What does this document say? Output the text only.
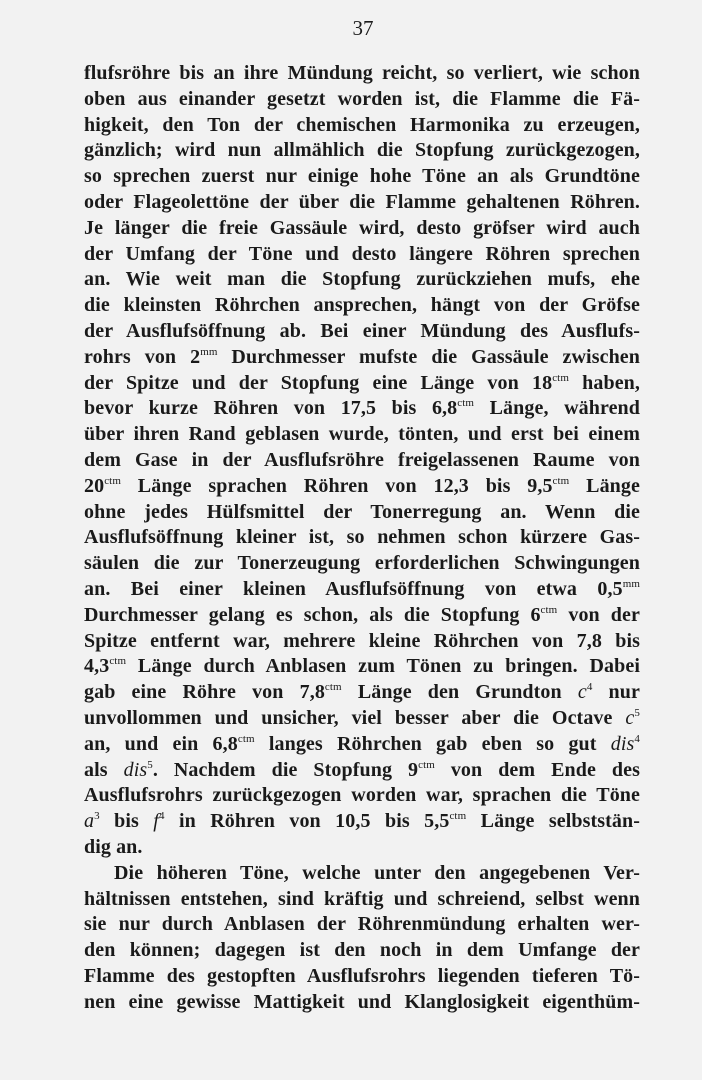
37
flufsröhre bis an ihre Mündung reicht, so verliert, wie schon
oben aus einander gesetzt worden ist, die Flamme die Fä-
higkeit, den Ton der chemischen Harmonika zu erzeugen,
gänzlich; wird nun allmählich die Stopfung zurückgezogen,
so sprechen zuerst nur einige hohe Töne an als Grundtöne
oder Flageolettöne der über die Flamme gehaltenen Röhren.
Je länger die freie Gassäule wird, desto gröfser wird auch
der Umfang der Töne und desto längere Röhren sprechen
an. Wie weit man die Stopfung zurückziehen mufs, ehe
die kleinsten Röhrchen ansprechen, hängt von der Gröfse
der Ausflufsöffnung ab. Bei einer Mündung des Ausflufs-
rohrs von $2^{mm}$ Durchmesser mufste die Gassäule zwischen
der Spitze und der Stopfung eine Länge von $18^{ctm}$ haben,
bevor kurze Röhren von 17,5 bis $6,8^{ctm}$ Länge, während
über ihren Rand geblasen wurde, tönten, und erst bei einem
dem Gase in der Ausflufsröhre freigelassenen Raume von
$20^{ctm}$ Länge sprachen Röhren von 12,3 bis $9,5^{ctm}$ Länge
ohne jedes Hülfsmittel der Tonerregung an. Wenn die
Ausflufsöffnung kleiner ist, so nehmen schon kürzere Gas-
säulen die zur Tonerzeugung erforderlichen Schwingungen
an. Bei einer kleinen Ausflufsöffnung von etwa $0,5^{mm}$
Durchmesser gelang es schon, als die Stopfung $6^{ctm}$ von der
Spitze entfernt war, mehrere kleine Röhrchen von 7,8 bis
$4,3^{ctm}$ Länge durch Anblasen zum Tönen zu bringen. Dabei
gab eine Röhre von $7,8^{ctm}$ Länge den Grundton $c^4$ nur
unvollommen und unsicher, viel besser aber die Octave $c^5$
an, und ein $6,8^{ctm}$ langes Röhrchen gab eben so gut dis$^4$
als dis$^5$. Nachdem die Stopfung $9^{ctm}$ von dem Ende des
Ausflufsrohrs zurückgezogen worden war, sprachen die Töne
$a^3$ bis $f^4$ in Röhren von 10,5 bis $5,5^{ctm}$ Länge selbststän-
dig an.
Die höheren Töne, welche unter den angegebenen Ver-
hältnissen entstehen, sind kräftig und schreiend, selbst wenn
sie nur durch Anblasen der Röhrenmündung erhalten wer-
den können; dagegen ist den noch in dem Umfange der
Flamme des gestopften Ausflufsrohrs liegenden tieferen Tö-
nen eine gewisse Mattigkeit und Klanglosigkeit eigenthüm-
